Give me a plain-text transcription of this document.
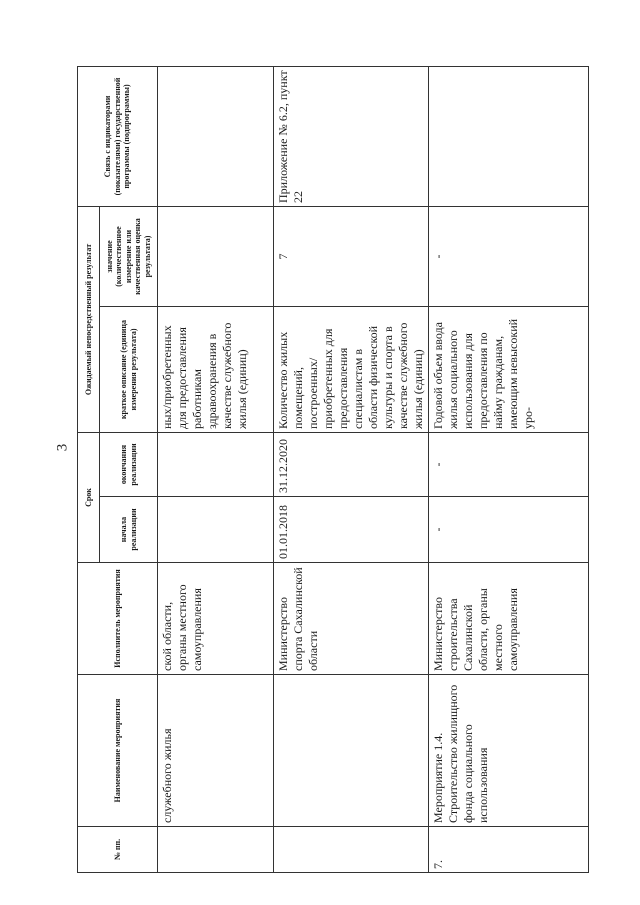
3
№ пп.	Наименование мероприятия	Исполнитель мероприятия	Срок		Ожидаемый непосредственный результат		Связь с индикаторами (показателями) государственной программы (подпрограммы)
			начала реализации	окончания реализации	краткое описание (единица измерения результата)	значение (количественное измерение или качественная оценка результата)	
	служебного жилья	ской области, органы местного самоуправления			ных/приобретенных для предоставления работникам здравоохранения в качестве служебного жилья (единиц)		
		Министерство спорта Сахалинской области	01.01.2018	31.12.2020	Количество жилых помещений, построенных/ приобретенных для предоставления специалистам в области физической культуры и спорта в качестве служебного жилья (единиц)	7	Приложение № 6.2, пункт 22
7.	Мероприятие 1.4. Строительство жилищного фонда социального использования	Министерство строительства Сахалинской области, органы местного самоуправления	-	-	Годовой объем ввода жилья социального использования для предоставления по найму гражданам, имеющим невысокий уро-	-	
